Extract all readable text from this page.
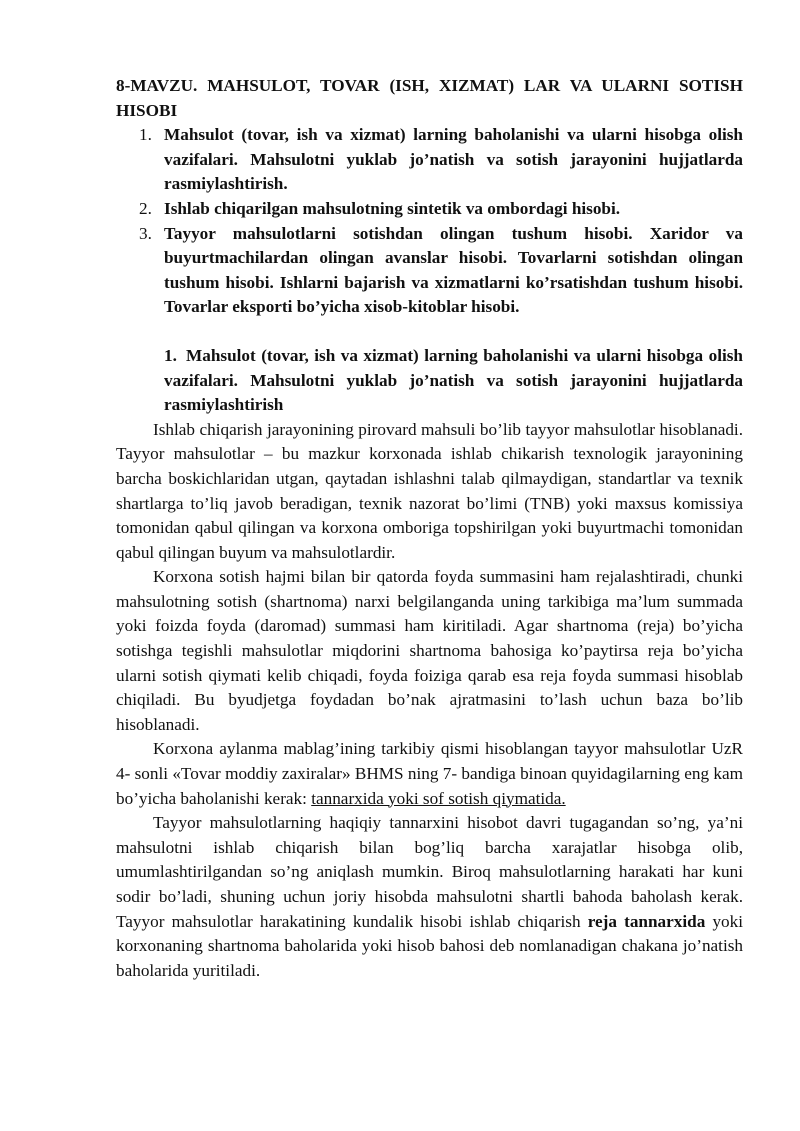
8-MAVZU. MAHSULOT, TOVAR (ISH, XIZMAT) LAR VA ULARNI SOTISH HISOBI

1. Mahsulot (tovar, ish va xizmat) larning baholanishi va ularni hisobga olish vazifalari. Mahsulotni yuklab jo’natish va sotish jarayonini hujjatlarda rasmiylashtirish.
2. Ishlab chiqarilgan mahsulotning sintetik va ombordagi hisobi.
3. Tayyor mahsulotlarni sotishdan olingan tushum hisobi. Xaridor va buyurtmachilardan olingan avanslar hisobi. Tovarlarni sotishdan olingan tushum hisobi. Ishlarni bajarish va xizmatlarni ko’rsatishdan tushum hisobi. Tovarlar eksporti bo’yicha xisob-kitoblar hisobi.
1. Mahsulot (tovar, ish va xizmat) larning baholanishi va ularni hisobga olish vazifalari. Mahsulotni yuklab jo’natish va sotish jarayonini hujjatlarda rasmiylashtirish

Ishlab chiqarish jarayonining pirovard mahsuli bo’lib tayyor mahsulotlar hisoblanadi. Tayyor mahsulotlar – bu mazkur korxonada ishlab chikarish texnologik jarayonining barcha boskichlaridan utgan, qaytadan ishlashni talab qilmaydigan, standartlar va texnik shartlarga to’liq javob beradigan, texnik nazorat bo’limi (TNB) yoki maxsus komissiya tomonidan qabul qilingan va korxona omboriga topshirilgan yoki buyurtmachi tomonidan qabul qilingan buyum va mahsulotlardir.

Korxona sotish hajmi bilan bir qatorda foyda summasini ham rejalashtiradi, chunki mahsulotning sotish (shartnoma) narxi belgilanganda uning tarkibiga ma’lum summada yoki foizda foyda (daromad) summasi ham kiritiladi. Agar shartnoma (reja) bo’yicha sotishga tegishli mahsulotlar miqdorini shartnoma bahosiga ko’paytirsa reja bo’yicha ularni sotish qiymati kelib chiqadi, foyda foiziga qarab esa reja foyda summasi hisoblab chiqiladi. Bu byudjetga foydadan bo’nak ajratmasini to’lash uchun baza bo’lib hisoblanadi.

Korxona aylanma mablag’ining tarkibiy qismi hisoblangan tayyor mahsulotlar UzR 4- sonli «Tovar moddiy zaxiralar» BHMS ning 7- bandiga binoan quyidagilarning eng kam bo’yicha baholanishi kerak: tannarxida yoki sof sotish qiymatida.

Tayyor mahsulotlarning haqiqiy tannarxini hisobot davri tugagandan so’ng, ya’ni mahsulotni ishlab chiqarish bilan bog’liq barcha xarajatlar hisobga olib, umumlashtirilgandan so’ng aniqlash mumkin. Biroq mahsulotlarning harakati har kuni sodir bo’ladi, shuning uchun joriy hisobda mahsulotni shartli bahoda baholash kerak. Tayyor mahsulotlar harakatining kundalik hisobi ishlab chiqarish reja tannarxida yoki korxonaning shartnoma baholarida yoki hisob bahosi deb nomlanadigan chakana jo’natish baholarida yuritiladi.
